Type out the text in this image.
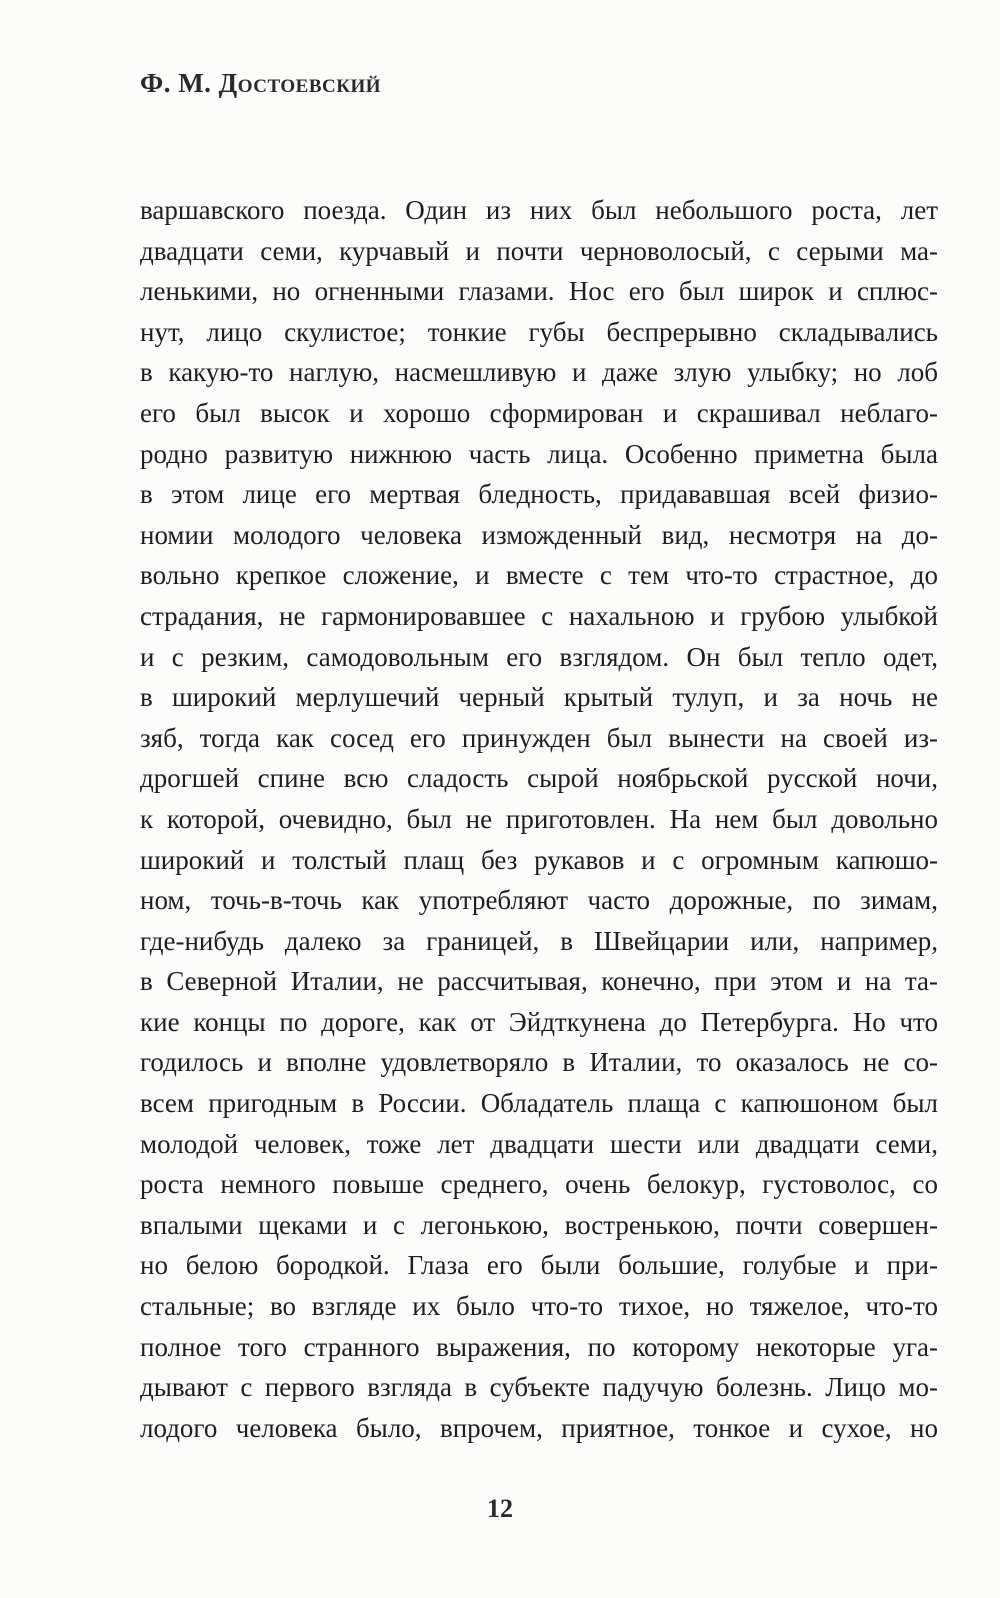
Ф. М. Достоевский
варшавского поезда. Один из них был небольшого роста, лет
двадцати семи, курчавый и почти черноволосый, с серыми ма-
ленькими, но огненными глазами. Нос его был широк и сплюс-
нут, лицо скулистое; тонкие губы беспрерывно складывались
в какую-то наглую, насмешливую и даже злую улыбку; но лоб
его был высок и хорошо сформирован и скрашивал неблаго-
родно развитую нижнюю часть лица. Особенно приметна была
в этом лице его мертвая бледность, придававшая всей физио-
номии молодого человека изможденный вид, несмотря на до-
вольно крепкое сложение, и вместе с тем что-то страстное, до
страдания, не гармонировавшее с нахальною и грубою улыбкой
и с резким, самодовольным его взглядом. Он был тепло одет,
в широкий мерлушечий черный крытый тулуп, и за ночь не
зяб, тогда как сосед его принужден был вынести на своей из-
дрогшей спине всю сладость сырой ноябрьской русской ночи,
к которой, очевидно, был не приготовлен. На нем был довольно
широкий и толстый плащ без рукавов и с огромным капюшо-
ном, точь-в-точь как употребляют часто дорожные, по зимам,
где-нибудь далеко за границей, в Швейцарии или, например,
в Северной Италии, не рассчитывая, конечно, при этом и на та-
кие концы по дороге, как от Эйдткунена до Петербурга. Но что
годилось и вполне удовлетворяло в Италии, то оказалось не со-
всем пригодным в России. Обладатель плаща с капюшоном был
молодой человек, тоже лет двадцати шести или двадцати семи,
роста немного повыше среднего, очень белокур, густоволос, со
впалыми щеками и с легонькою, востренькою, почти совершен-
но белою бородкой. Глаза его были большие, голубые и при-
стальные; во взгляде их было что-то тихое, но тяжелое, что-то
полное того странного выражения, по которому некоторые уга-
дывают с первого взгляда в субъекте падучую болезнь. Лицо мо-
лодого человека было, впрочем, приятное, тонкое и сухое, но
12
